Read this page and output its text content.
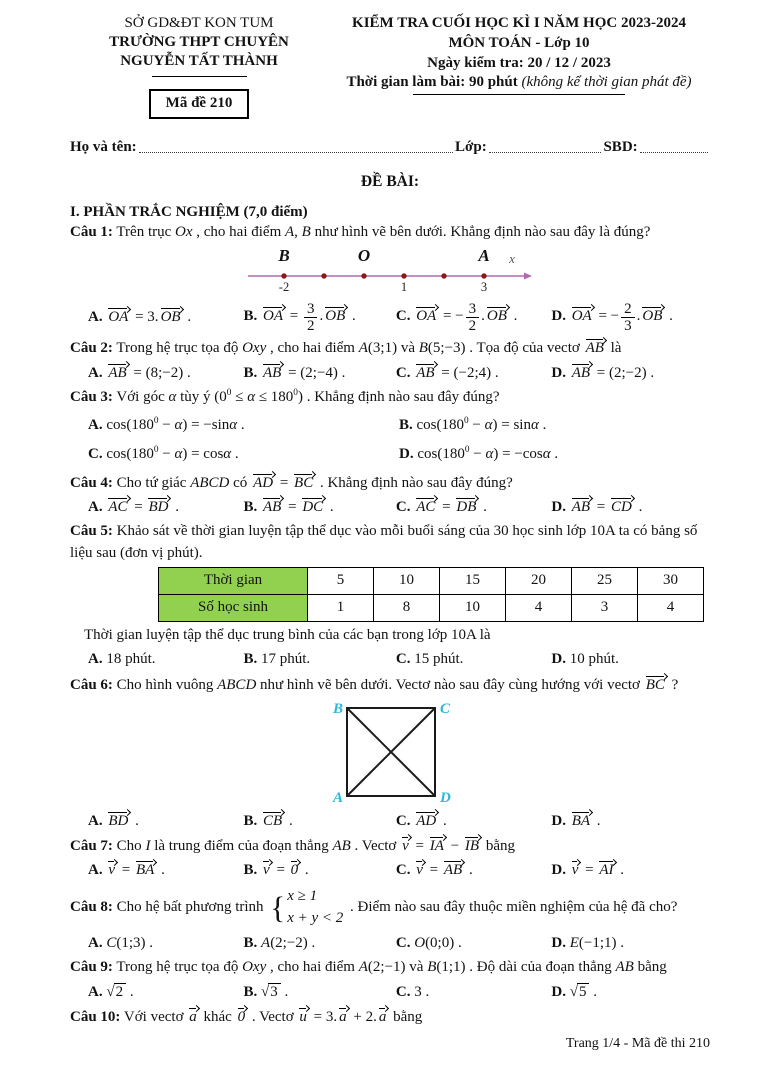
SỞ GD&ĐT KON TUM
TRƯỜNG THPT CHUYÊN
NGUYỄN TẤT THÀNH
Mã đề 210
KIỂM TRA CUỐI HỌC KÌ I NĂM HỌC 2023-2024
MÔN TOÁN - Lớp 10
Ngày kiểm tra: 20 / 12 / 2023
Thời gian làm bài: 90 phút (không kể thời gian phát đề)
Họ và tên:	Lớp:	SBD:
ĐỀ BÀI:
I. PHẦN TRẮC NGHIỆM (7,0 điểm)
Câu 1: Trên trục Ox , cho hai điểm A, B như hình vẽ bên dưới. Khẳng định nào sau đây là đúng?
B	O	A x
-2	1	3
A. OA
= 3. OB
.	B. OA
= $\frac{3}{2}$ . OB
.	C. OA
= − $\frac{3}{2}$ . OB
.	D. OA
= − $\frac{2}{3}$ . OB
.
Câu 2: Trong hệ trục tọa độ Oxy , cho hai điểm A(3;1) và B(5;−3) . Tọa độ của vectơ AB
là
A. AB
= (8;−2) .	B. AB
= (2;−4) .	C. AB
= (−2;4) .	D. AB
= (2;−2) .
Câu 3: Với góc α tùy ý $(0^0 \le \alpha \le 180^0)$ . Khẳng định nào sau đây đúng?
A. $\cos(180^0 - \alpha) = -\sin\alpha$ .	B. $\cos(180^0 - \alpha) = \sin\alpha$ .
C. $\cos(180^0 - \alpha) = \cos\alpha$ .	D. $\cos(180^0 - \alpha) = -\cos\alpha$ .
Câu 4: Cho tứ giác ABCD có AD
= BC
. Khẳng định nào sau đây đúng?
A. AC
= BD
.	B. AB
= DC
.	C. AC
= DB
.	D. AB
= CD
.
Câu 5: Khảo sát về thời gian luyện tập thể dục vào mỗi buổi sáng của 30 học sinh lớp 10A ta có bảng số liệu sau (đơn vị phút).
Thời gian	5	10	15	20	25	30
Số học sinh	1	8	10	4	3	4
Thời gian luyện tập thể dục trung bình của các bạn trong lớp 10A là
A. 18 phút.	B. 17 phút.	C. 15 phút.	D. 10 phút.
Câu 6: Cho hình vuông ABCD như hình vẽ bên dưới. Vectơ nào sau đây cùng hướng với vectơ BC
?
B	C
A	D
A. BD
.	B. CB
.	C. AD
.	D. BA
.
Câu 7: Cho I là trung điểm của đoạn thẳng AB . Vectơ v
= IA
− IB
bằng
A. v
= BA
.	B. v
= 0
.	C. v
= AB
.	D. v
= AI
.
Câu 8: Cho hệ bất phương trình { x ≥ 1
x + y < 2
. Điểm nào sau đây thuộc miền nghiệm của hệ đã cho?
A. C(1;3) .	B. A(2;−2) .	C. O(0;0) .	D. E(−1;1) .
Câu 9: Trong hệ trục tọa độ Oxy , cho hai điểm A(2;−1) và B(1;1) . Độ dài của đoạn thẳng AB bằng
A. √2 .	B. √3 .	C. 3 .	D. √5 .
Câu 10: Với vectơ a
khác 0
. Vectơ u
= 3. a
+ 2. a
bằng
Trang 1/4 - Mã đề thi 210
